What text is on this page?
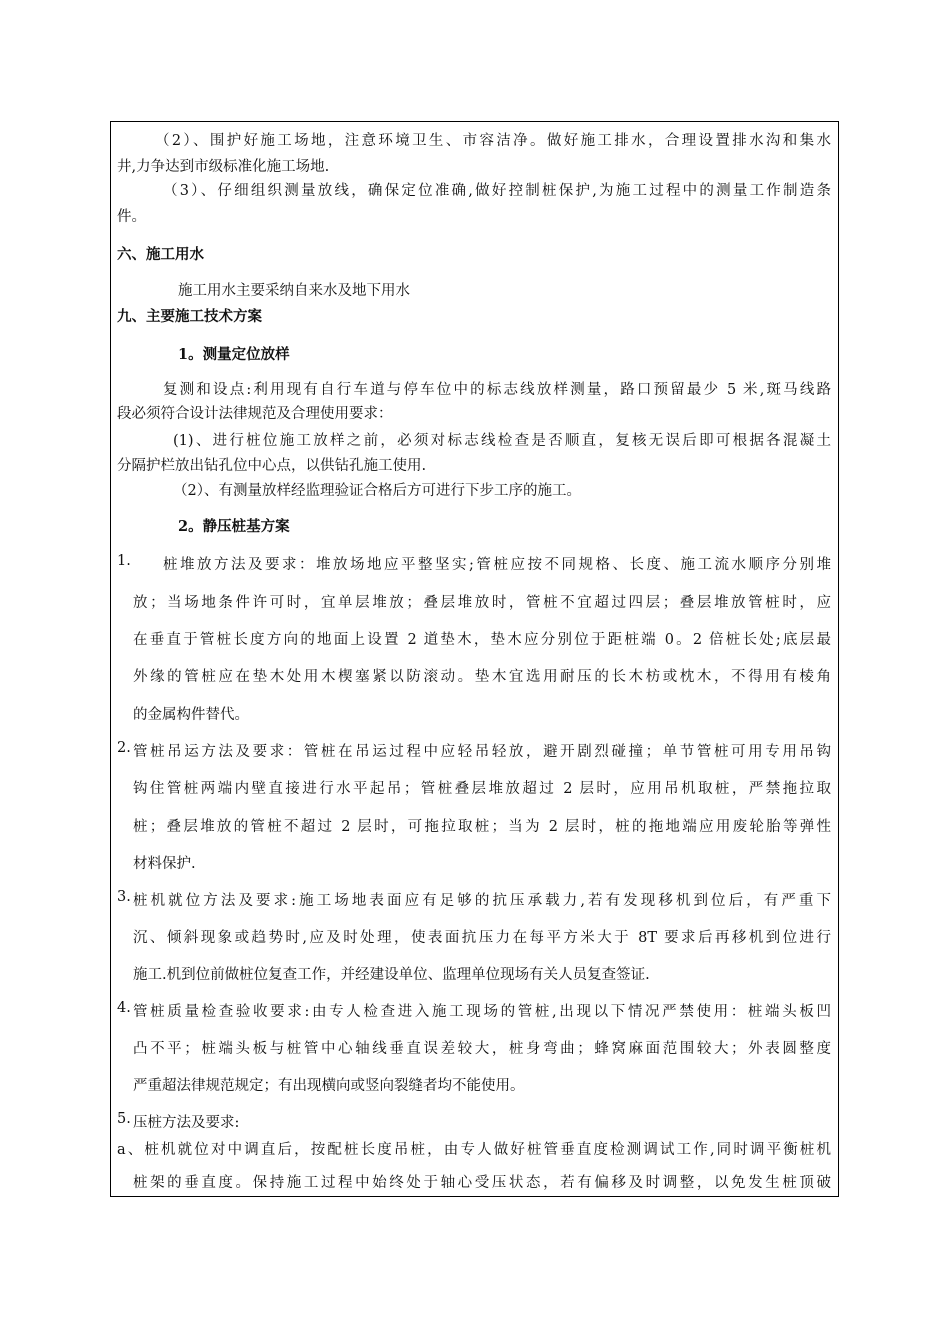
（2）、围护好施工场地，注意环境卫生、市容洁净。做好施工排水，合理设置排水沟和集水
井,力争达到市级标准化施工场地.
（3）、仔细组织测量放线，确保定位准确,做好控制桩保护,为施工过程中的测量工作制造条
件。
六、施工用水
施工用水主要采纳自来水及地下用水
九、主要施工技术方案
1。测量定位放样
复测和设点:利用现有自行车道与停车位中的标志线放样测量，路口预留最少 5 米,斑马线路
段必须符合设计法律规范及合理使用要求：
(1)、进行桩位施工放样之前，必须对标志线检查是否顺直，复核无误后即可根据各混凝土
分隔护栏放出钻孔位中心点，以供钻孔施工使用.
（2）、有测量放样经监理验证合格后方可进行下步工序的施工。
2。静压桩基方案
1. 桩堆放方法及要求：堆放场地应平整坚实;管桩应按不同规格、长度、施工流水顺序分别堆
放；当场地条件许可时，宜单层堆放；叠层堆放时，管桩不宜超过四层；叠层堆放管桩时，应
在垂直于管桩长度方向的地面上设置 2 道垫木，垫木应分别位于距桩端 0。2 倍桩长处;底层最
外缘的管桩应在垫木处用木楔塞紧以防滚动。垫木宜选用耐压的长木枋或枕木，不得用有棱角
的金属构件替代。
2. 管桩吊运方法及要求：管桩在吊运过程中应轻吊轻放，避开剧烈碰撞；单节管桩可用专用吊钩
钩住管桩两端内壁直接进行水平起吊；管桩叠层堆放超过 2 层时，应用吊机取桩，严禁拖拉取
桩；叠层堆放的管桩不超过 2 层时，可拖拉取桩；当为 2 层时，桩的拖地端应用废轮胎等弹性
材料保护.
3. 桩机就位方法及要求:施工场地表面应有足够的抗压承载力,若有发现移机到位后，有严重下
沉、倾斜现象或趋势时,应及时处理，使表面抗压力在每平方米大于 8T 要求后再移机到位进行
施工.机到位前做桩位复查工作，并经建设单位、监理单位现场有关人员复查签证.
4. 管桩质量检查验收要求:由专人检查进入施工现场的管桩,出现以下情况严禁使用：桩端头板凹
凸不平；桩端头板与桩管中心轴线垂直误差较大，桩身弯曲；蜂窝麻面范围较大；外表圆整度
严重超法律规范规定；有出现横向或竖向裂缝者均不能使用。
5. 压桩方法及要求:
a、桩机就位对中调直后，按配桩长度吊桩，由专人做好桩管垂直度检测调试工作,同时调平衡桩机
桩架的垂直度。保持施工过程中始终处于轴心受压状态，若有偏移及时调整，以免发生桩顶破
